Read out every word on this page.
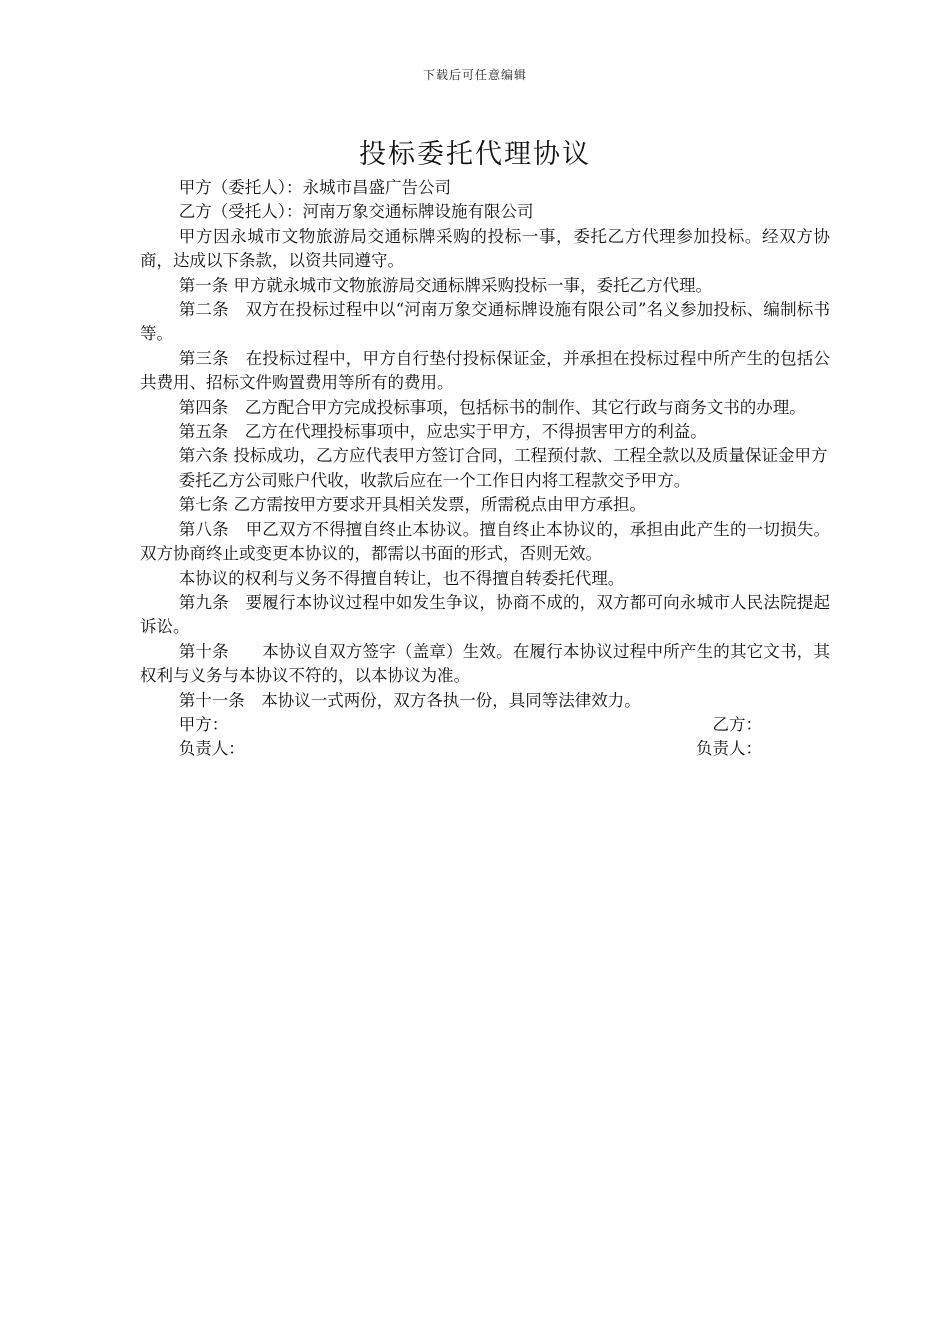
下载后可任意编辑
投标委托代理协议

甲方（委托人）：永城市昌盛广告公司

乙方（受托人）：河南万象交通标牌设施有限公司

甲方因永城市文物旅游局交通标牌采购的投标一事，委托乙方代理参加投标。经双方协商，达成以下条款，以资共同遵守。

第一条 甲方就永城市文物旅游局交通标牌采购投标一事，委托乙方代理。

第二条　双方在投标过程中以“河南万象交通标牌设施有限公司”名义参加投标、编制标书等。

第三条　在投标过程中，甲方自行垫付投标保证金，并承担在投标过程中所产生的包括公共费用、招标文件购置费用等所有的费用。

第四条　乙方配合甲方完成投标事项，包括标书的制作、其它行政与商务文书的办理。

第五条　乙方在代理投标事项中，应忠实于甲方，不得损害甲方的利益。

第六条 投标成功，乙方应代表甲方签订合同，工程预付款、工程全款以及质量保证金甲方

委托乙方公司账户代收，收款后应在一个工作日内将工程款交予甲方。

第七条 乙方需按甲方要求开具相关发票，所需税点由甲方承担。

第八条　甲乙双方不得擅自终止本协议。擅自终止本协议的，承担由此产生的一切损失。双方协商终止或变更本协议的，都需以书面的形式，否则无效。

本协议的权利与义务不得擅自转让，也不得擅自转委托代理。

第九条　要履行本协议过程中如发生争议，协商不成的，双方都可向永城市人民法院提起诉讼。

第十条　　本协议自双方签字（盖章）生效。在履行本协议过程中所产生的其它文书，其权利与义务与本协议不符的，以本协议为准。

第十一条　本协议一式两份，双方各执一份，具同等法律效力。

甲方：	乙方：
负责人：	负责人：
